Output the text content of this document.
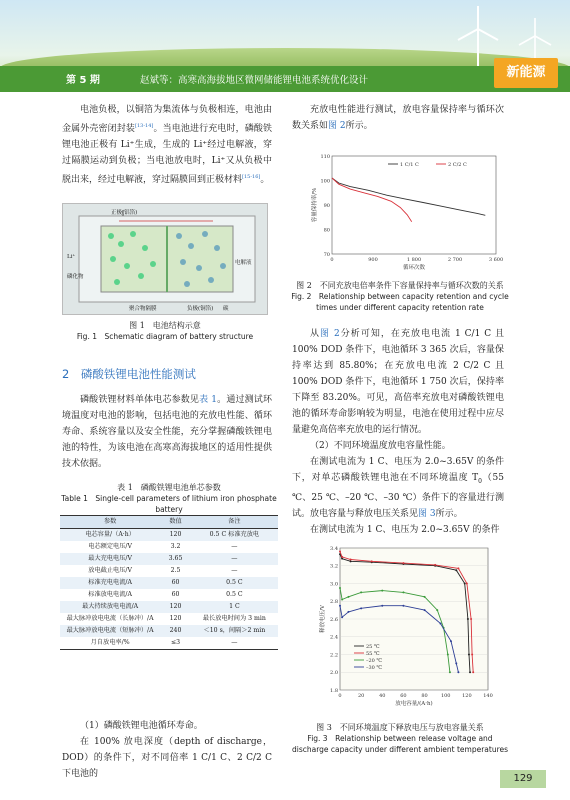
第 5 期	赵斌等：高寒高海拔地区微网储能锂电池系统优化设计
新能源

电池负极，以铜箔为集流体与负极相连，电池由金属外壳密闭封装[13-14]。当电池进行充电时，磷酸铁锂电池正极有 Li⁺生成，生成的 Li⁺经过电解液，穿过隔膜运动到负极；当电池放电时，Li⁺又从负极中脱出来，经过电解液，穿过隔膜回到正极材料[15-16]。

正极(铝箔)
Li⁺
电解液
磷化物
聚合物隔膜	负极(铜箔) 碳
图 1　电池结构示意
Fig. 1　Schematic diagram of battery structure
2　磷酸铁锂电池性能测试

磷酸铁锂材料单体电芯参数见表 1。通过测试环境温度对电池的影响，包括电池的充放电性能、循环寿命、系统容量以及安全性能，充分掌握磷酸铁锂电池的特性，为该电池在高寒高海拔地区的适用性提供技术依据。

表 1　磷酸铁锂电池单芯参数
Table 1　Single-cell parameters of lithium iron phosphate battery
参数	数值	备注
电芯容量/（A·h）	120	0.5 C 标准充放电
电芯额定电压/V	3.2	—
最大充电电压/V	3.65	—
放电截止电压/V	2.5	—
标准充电电流/A	60	0.5 C
标准放电电流/A	60	0.5 C
最大持续放电电流/A	120	1 C
最大脉冲放电电流（长脉冲）/A	120	最长放电时间为 3 min
最大脉冲放电电流（短脉冲）/A	240	＜10 s，间隔＞2 min
月自放电率/%	≤3	—

（1）磷酸铁锂电池循环寿命。

在 100% 放电深度（depth of discharge，DOD）的条件下，对不同倍率 1 C/1 C、2 C/2 C 下电池的

充放电性能进行测试，放电容量保持率与循环次数关系如图 2所示。

0	900	1 800	2 700	3 600
70
80
90
100
110
循环次数
容量保持率/%
1 C/1 C	2 C/2 C
图 2　不同充放电倍率条件下容量保持率与循环次数的关系
Fig. 2　Relationship between capacity retention and cycle times under different capacity retention rate

从图 2分析可知，在充放电电流 1 C/1 C 且 100% DOD 条件下，电池循环 3 365 次后，容量保持率达到 85.80%；在充放电电流 2 C/2 C 且 100% DOD 条件下，电池循环 1 750 次后，保持率下降至 83.20%。可见，高倍率充放电对磷酸铁锂电池的循环寿命影响较为明显，电池在使用过程中应尽量避免高倍率充放电的运行情况。

（2）不同环境温度放电容量性能。

在测试电流为 1 C、电压为 2.0~3.65V 的条件下，对单芯磷酸铁锂电池在不同环境温度 $T_0(55$ ℃、25 ℃、–20 ℃、–30 ℃）条件下的容量进行测试。放电容量与释放电压关系见图 3所示。

在测试电流为 1 C、电压为 2.0~3.65V 的条件

0	20	40	60	80	100 120 140
1.8
2.0
2.2
2.4
2.6
2.8
3.0
3.2
3.4
放电容量/(A·h)
释放电压/V
25 ℃
55 ℃
–20 ℃
–30 ℃
图 3　不同环境温度下释放电压与放电容量关系
Fig. 3　Relationship between release voltage and discharge capacity under different ambient temperatures
129
